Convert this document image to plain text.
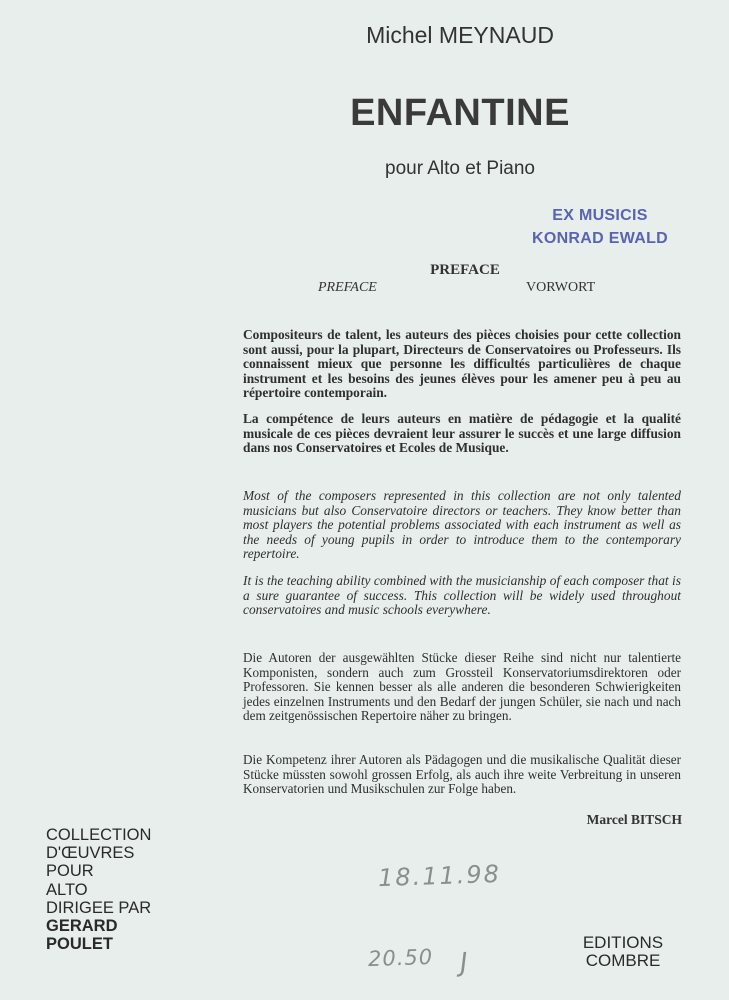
Michel MEYNAUD
ENFANTINE
pour Alto et Piano
EX MUSICIS
KONRAD EWALD
PREFACE
PREFACE	VORWORT
Compositeurs de talent, les auteurs des pièces choisies pour cette collection sont aussi, pour la plupart, Directeurs de Conservatoires ou Professeurs. Ils connaissent mieux que personne les difficultés particulières de chaque instrument et les besoins des jeunes élèves pour les amener peu à peu au répertoire contemporain.
La compétence de leurs auteurs en matière de pédagogie et la qualité musicale de ces pièces devraient leur assurer le succès et une large diffusion dans nos Conservatoires et Ecoles de Musique.
Most of the composers represented in this collection are not only talented musicians but also Conservatoire directors or teachers. They know better than most players the potential problems associated with each instrument as well as the needs of young pupils in order to introduce them to the contemporary repertoire.
It is the teaching ability combined with the musicianship of each composer that is a sure guarantee of success. This collection will be widely used throughout conservatoires and music schools everywhere.
Die Autoren der ausgewählten Stücke dieser Reihe sind nicht nur talentierte Komponisten, sondern auch zum Grossteil Konservatoriumsdirektoren oder Professoren. Sie kennen besser als alle anderen die besonderen Schwierigkeiten jedes einzelnen Instruments und den Bedarf der jungen Schüler, sie nach und nach dem zeitgenössischen Repertoire näher zu bringen.
Die Kompetenz ihrer Autoren als Pädagogen und die musikalische Qualität dieser Stücke müssten sowohl grossen Erfolg, als auch ihre weite Verbreitung in unseren Konservatorien und Musikschulen zur Folge haben.
Marcel BITSCH
COLLECTION
D'ŒUVRES
POUR
ALTO
DIRIGEE PAR
GERARD
POULET	EDITIONS
COMBRE
18.11.98
20.50 J
